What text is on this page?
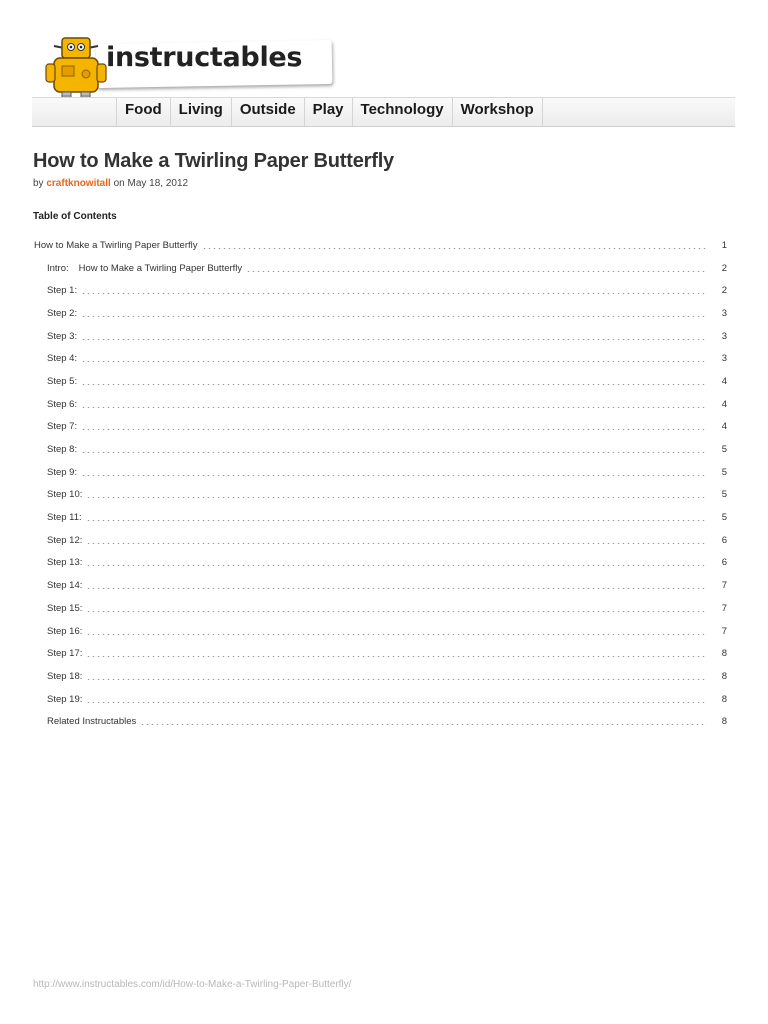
instructables
Food	Living	Outside	Play	Technology	Workshop
How to Make a Twirling Paper Butterfly
by craftknowitall on May 18, 2012
Table of Contents
How to Make a Twirling Paper Butterfly	1
Intro: How to Make a Twirling Paper Butterfly	2
Step 1:	2
Step 2:	3
Step 3:	3
Step 4:	3
Step 5:	4
Step 6:	4
Step 7:	4
Step 8:	5
Step 9:	5
Step 10:	5
Step 11:	5
Step 12:	6
Step 13:	6
Step 14:	7
Step 15:	7
Step 16:	7
Step 17:	8
Step 18:	8
Step 19:	8
Related Instructables	8
http://www.instructables.com/id/How-to-Make-a-Twirling-Paper-Butterfly/
